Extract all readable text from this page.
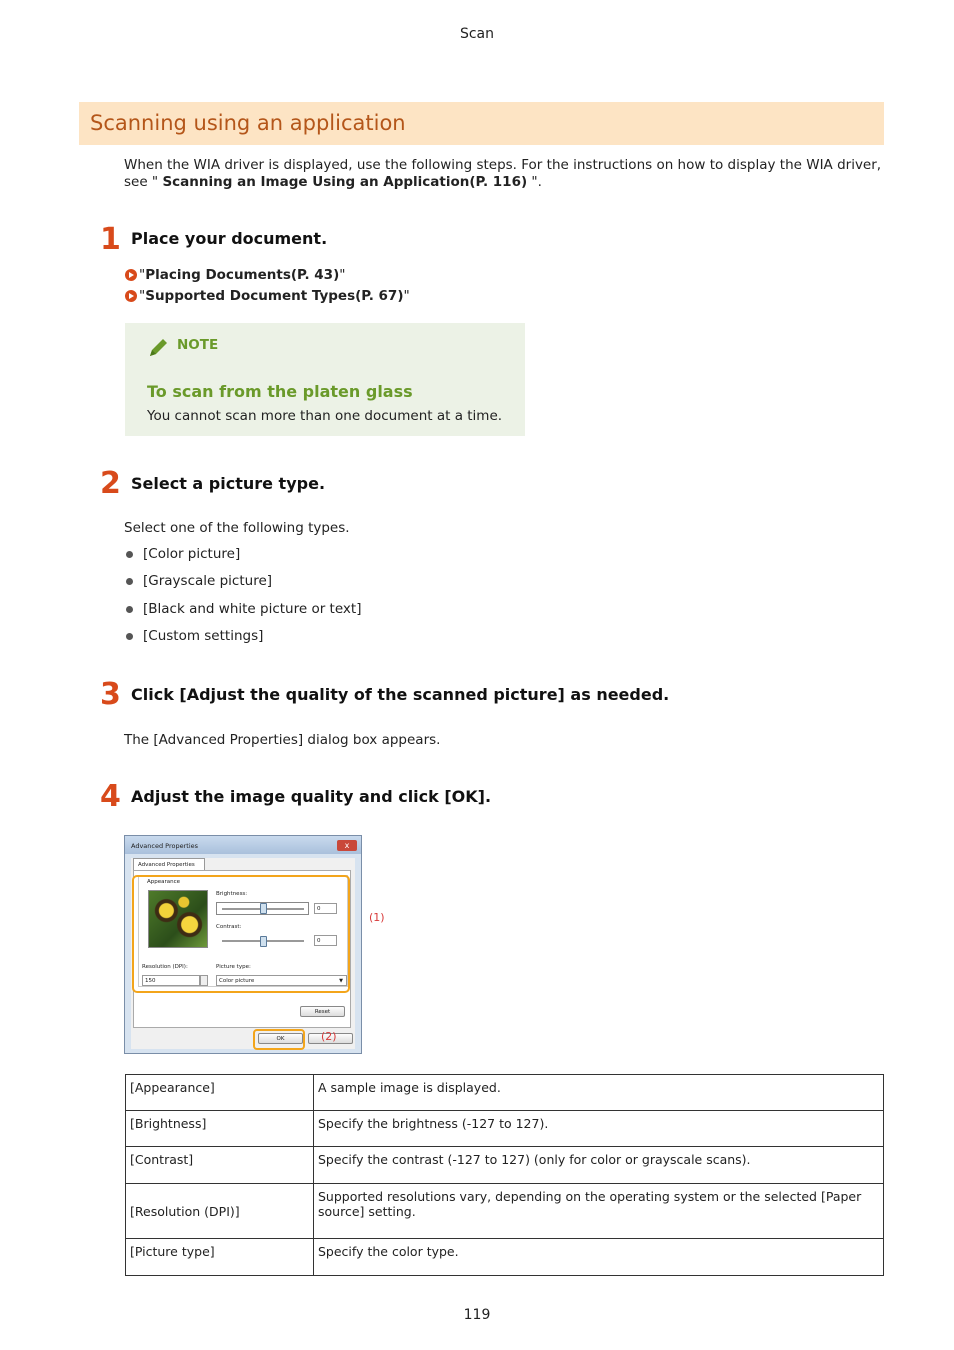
Scan
Scanning using an application
When the WIA driver is displayed, use the following steps. For the instructions on how to display the WIA driver, see " Scanning an Image Using an Application(P. 116) ".
1 Place your document.
" Placing Documents(P. 43) "
" Supported Document Types(P. 67) "
NOTE
To scan from the platen glass
You cannot scan more than one document at a time.
2 Select a picture type.
Select one of the following types.
[Color picture]
[Grayscale picture]
[Black and white picture or text]
[Custom settings]
3 Click [Adjust the quality of the scanned picture] as needed.
The [Advanced Properties] dialog box appears.
4 Adjust the image quality and click [OK].
Advanced Properties	x
Advanced Properties
Appearance
Brightness:
0
Contrast:
0
Resolution (DPI):
150
Picture type:
Color picture	▼
Reset
OK
(1)
(2)
[Appearance]	A sample image is displayed.
[Brightness]	Specify the brightness (-127 to 127).
[Contrast]	Specify the contrast (-127 to 127) (only for color or grayscale scans).
[Resolution (DPI)]	Supported resolutions vary, depending on the operating system or the selected [Paper source] setting.
[Picture type]	Specify the color type.
119
